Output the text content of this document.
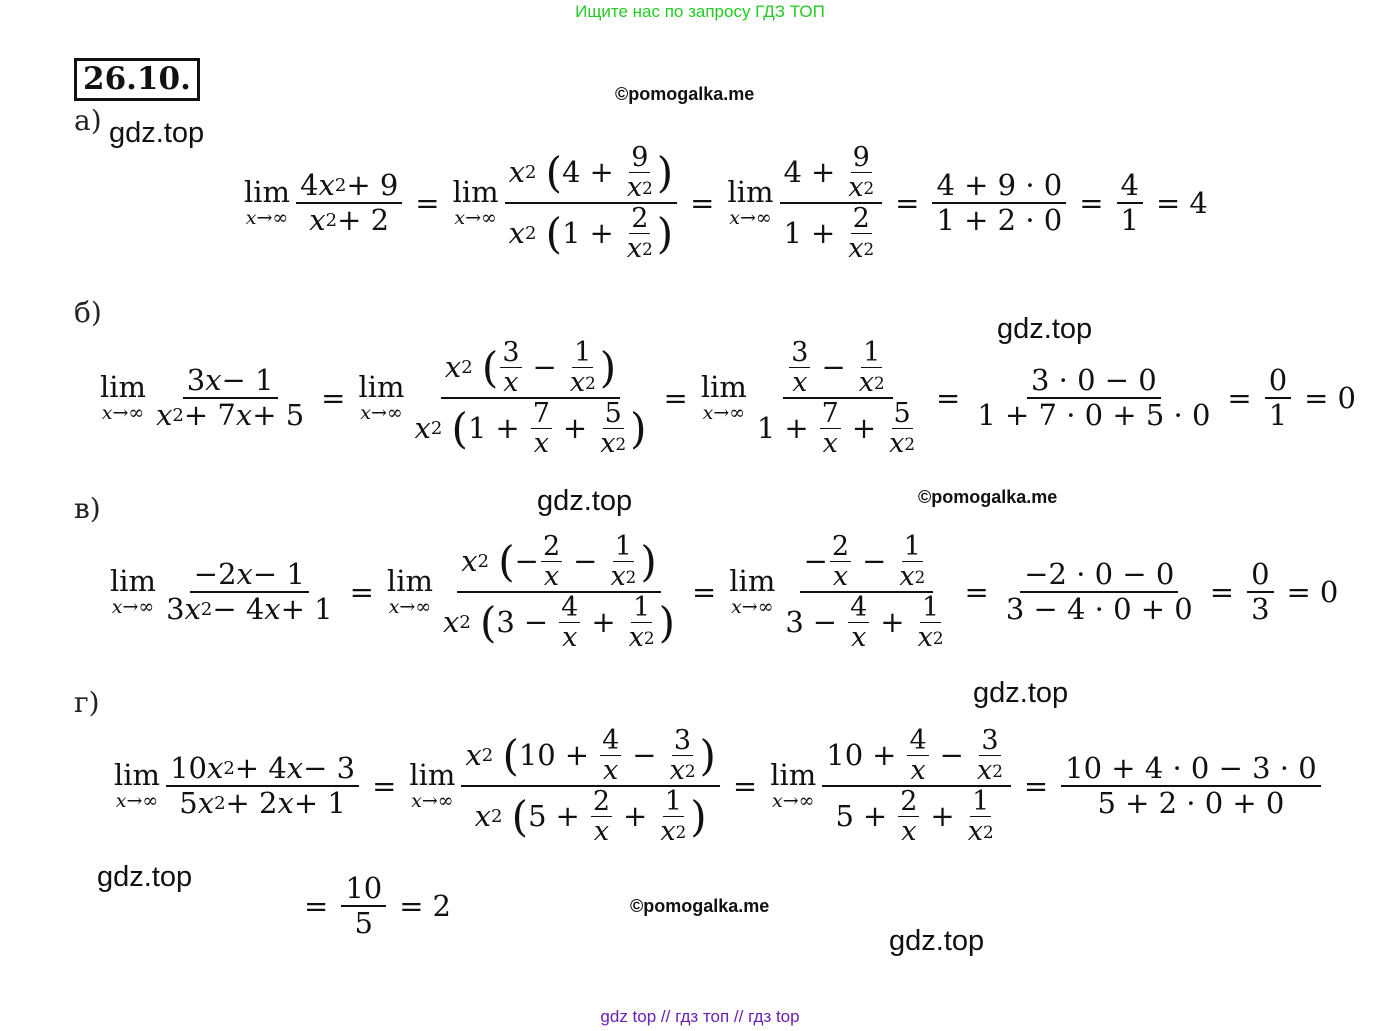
Ищите нас по запросу ГДЗ ТОП
26.10.	©pomogalka.me
gdz.top
gdz.top
gdz.top	©pomogalka.me
gdz.top
gdz.top
©pomogalka.me
gdz.top
а)
б)
в)
г)
lim
$x\to\infty \frac{4 x 2 + 9}{x 2 + 2} = \lim$
x→∞ x 2
( $4 + \frac{9}{x 2}$ )
x 2
( $1 + \frac{2}{x 2}$ ) = lim
$x\to\infty \frac{4 + \frac{9}{x 2}}{1 + \frac{2}{x 2}} = \frac{4 + 9 \cdot 0}{1 + 2 \cdot 0} = \frac{4}{1} = 4$
lim
$x\to\infty \frac{3 x - 1}{x 2 + 7 x + 5} = \lim$
x→∞ x 2
( 3
$x - \frac{1}{x 2}$ )
x 2
( $1 + \frac{7}{x} + \frac{5}{x 2}$ ) = lim
x→∞ 3
$x - \frac{1}{x 2}$
$1 + \frac{7}{x} + \frac{5}{x 2} = \frac{3 \cdot 0 - 0}{1 + 7 \cdot 0 + 5 \cdot 0} = \frac{0}{1} = 0$
lim
$x\to\infty \frac{-2 x - 1}{3 x 2 - 4 x + 1} = \lim$
x→∞ x 2
( − $\frac{2}{x} - \frac{1}{x 2}$ )
x 2
( $3 - \frac{4}{x} + \frac{1}{x 2}$ ) = lim
$x\to\infty \frac{- \frac{2}{x} - \frac{1}{x 2}}{3 - \frac{4}{x} + \frac{1}{x 2}} = \frac{-2 \cdot 0 - 0}{3 - 4 \cdot 0 + 0} = \frac{0}{3} = 0$
lim
$x\to\infty \frac{10 x 2 + 4 x - 3}{5 x 2 + 2 x + 1} = \lim$
x→∞ x 2
( $10 + \frac{4}{x} - \frac{3}{x 2}$ )
x 2
( $5 + \frac{2}{x} + \frac{1}{x 2}$ ) = lim
$x\to\infty \frac{10 + \frac{4}{x} - \frac{3}{x 2}}{5 + \frac{2}{x} + \frac{1}{x 2}} = \frac{10 + 4 \cdot 0 - 3 \cdot 0}{5 + 2 \cdot 0 + 0}$
= $\frac{10}{5} = 2$
gdz top // гдз топ // гдз top
